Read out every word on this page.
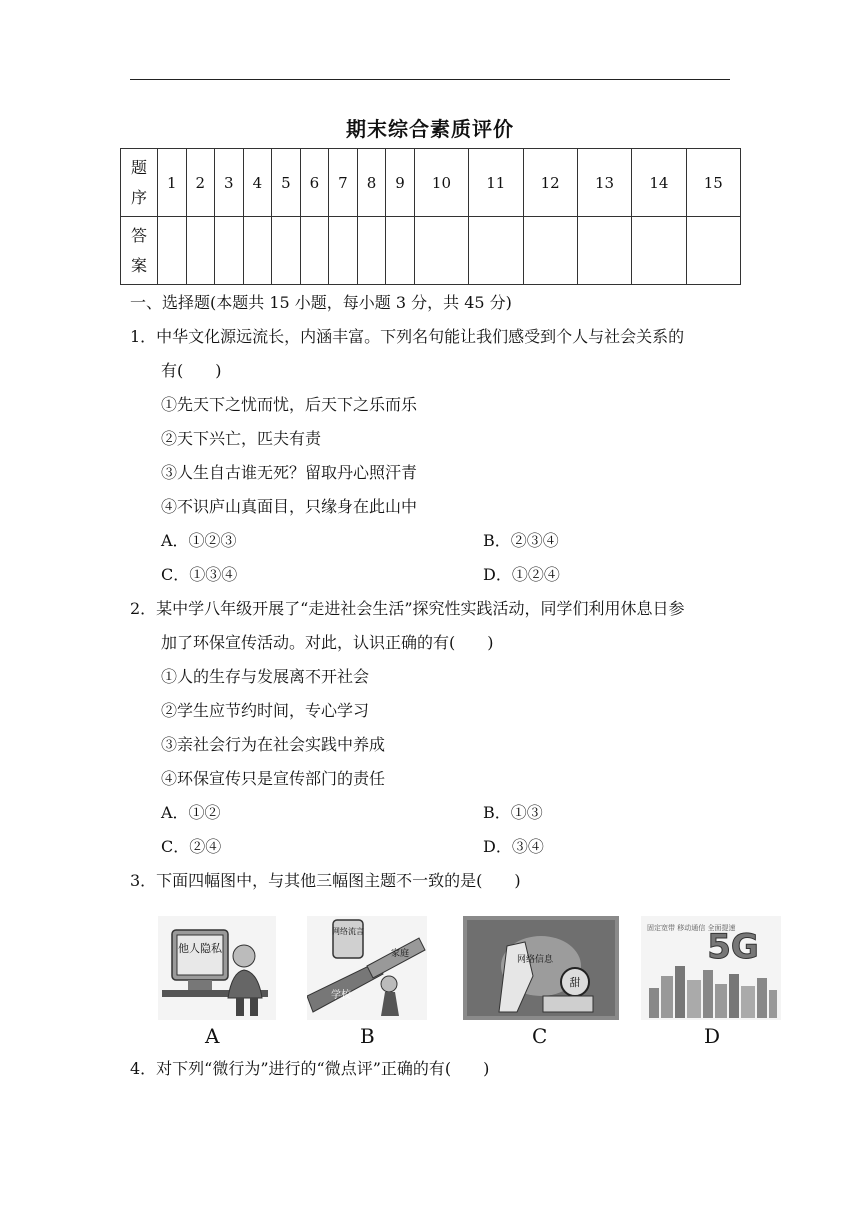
期末综合素质评价
题
序	1	2	3	4	5	6	7	8	9	10	11	12	13	14	15

答
案															

一、选择题(本题共 15 小题，每小题 3 分，共 45 分)
1．中华文化源远流长，内涵丰富。下列名句能让我们感受到个人与社会关系的
有(　　)
①先天下之忧而忧，后天下之乐而乐
②天下兴亡，匹夫有责
③人生自古谁无死？留取丹心照汗青
④不识庐山真面目，只缘身在此山中
A．①②③	B．②③④
C．①③④	D．①②④
2．某中学八年级开展了“走进社会生活”探究性实践活动，同学们利用休息日参
加了环保宣传活动。对此，认识正确的有(　　)
①人的生存与发展离不开社会
②学生应节约时间，专心学习
③亲社会行为在社会实践中养成
④环保宣传只是宣传部门的责任
A．①②	B．①③
C．②④	D．③④
3．下面四幅图中，与其他三幅图主题不一致的是(　　)
他人隐私
A
网络流言
学校
家庭
B
网络信息
甜
C
固定宽带 移动通信 全面提速
5G
D
4．对下列“微行为”进行的“微点评”正确的有(　　)
